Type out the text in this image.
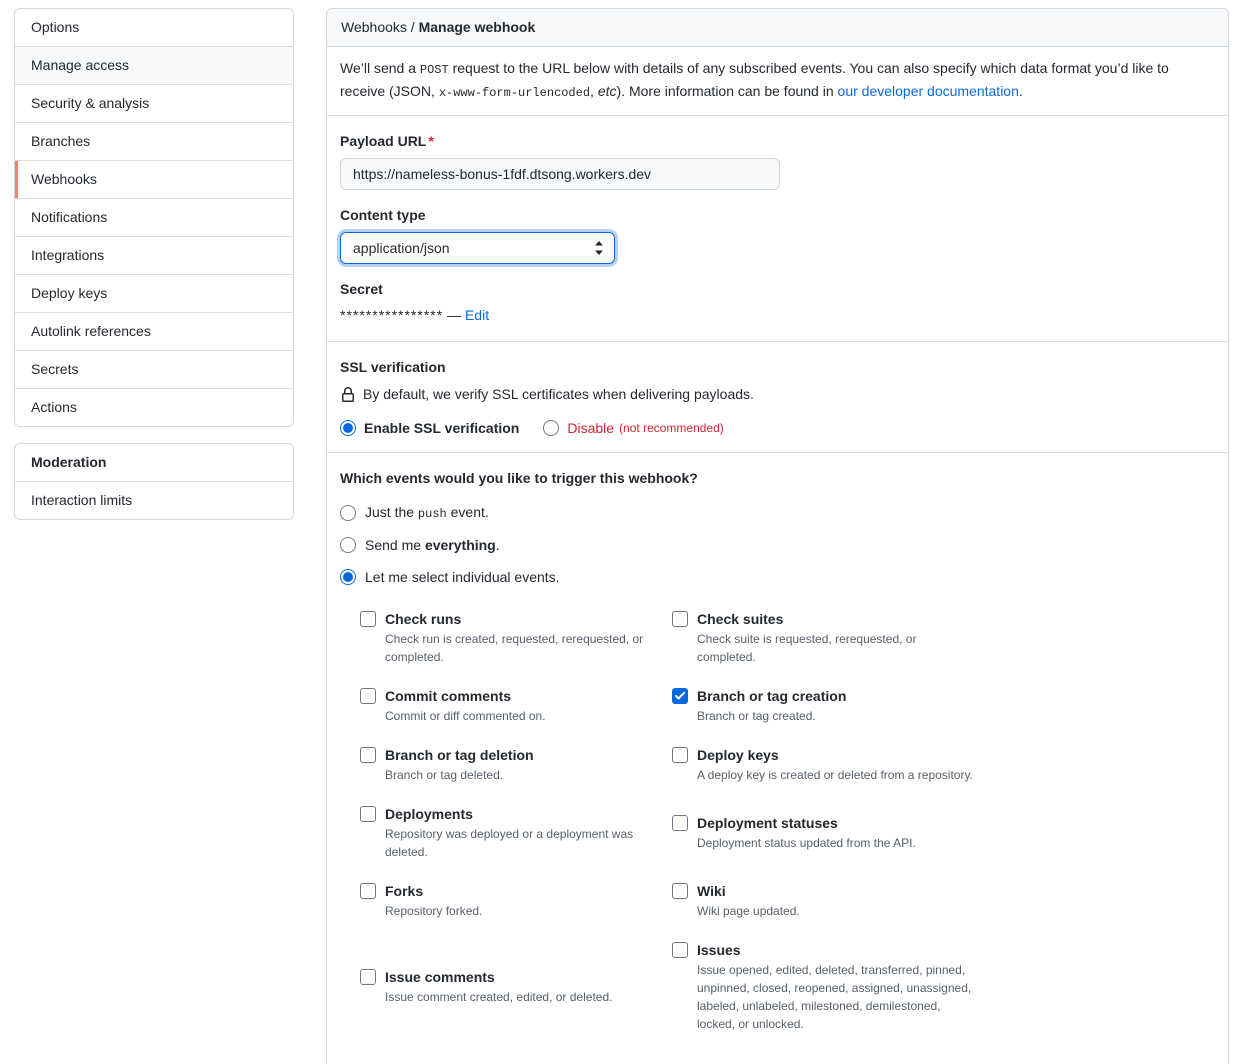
Options
Manage access
Security & analysis
Branches
Webhooks
Notifications
Integrations
Deploy keys
Autolink references
Secrets
Actions
Moderation
Interaction limits
Webhooks / Manage webhook

We’ll send a POST request to the URL below with details of any subscribed events. You can also specify which data format you’d like to receive (JSON, x-www-form-urlencoded, etc). More information can be found in our developer documentation.

Payload URL *
https://nameless-bonus-1fdf.dtsong.workers.dev
Content type
application/json
Secret
**************** — Edit
SSL verification
By default, we verify SSL certificates when delivering payloads.
Enable SSL verification	Disable (not recommended)
Which events would you like to trigger this webhook?
Just the push event.
Send me everything.
Let me select individual events.
Check runs
Check run is created, requested, rerequested, or completed.

Check suites
Check suite is requested, rerequested, or completed.

Commit comments
Commit or diff commented on.

Branch or tag creation
Branch or tag created.

Branch or tag deletion
Branch or tag deleted.

Deploy keys
A deploy key is created or deleted from a repository.

Deployments
Repository was deployed or a deployment was deleted.

Deployment statuses
Deployment status updated from the API.

Forks
Repository forked.

Wiki
Wiki page updated.

Issue comments
Issue comment created, edited, or deleted.

Issues
Issue opened, edited, deleted, transferred, pinned, unpinned, closed, reopened, assigned, unassigned, labeled, unlabeled, milestoned, demilestoned, locked, or unlocked.
